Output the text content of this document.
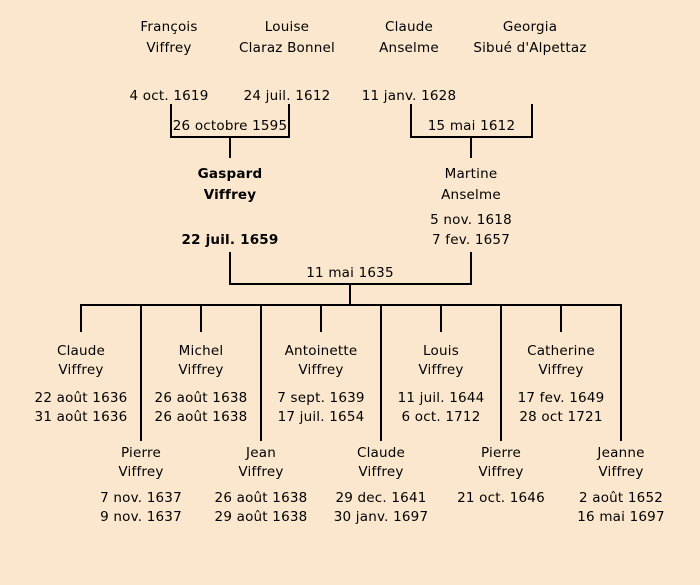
François
Viffrey
4 oct. 1619
Louise
Claraz Bonnel
24 juil. 1612
Claude
Anselme
11 janv. 1628
Georgia
Sibué d'Alpettaz
26 octobre 1595	15 mai 1612
Gaspard
Viffrey
22 juil. 1659
Martine
Anselme
5 nov. 1618
7 fev. 1657
11 mai 1635
Claude
Viffrey
22 août 1636
31 août 1636
Michel
Viffrey
26 août 1638
26 août 1638
Antoinette
Viffrey
7 sept. 1639
17 juil. 1654
Louis
Viffrey
11 juil. 1644
6 oct. 1712
Catherine
Viffrey
17 fev. 1649
28 oct 1721
Pierre
Viffrey
7 nov. 1637
9 nov. 1637
Jean
Viffrey
26 août 1638
29 août 1638
Claude
Viffrey
29 dec. 1641
30 janv. 1697
Pierre
Viffrey
21 oct. 1646
Jeanne
Viffrey
2 août 1652
16 mai 1697
